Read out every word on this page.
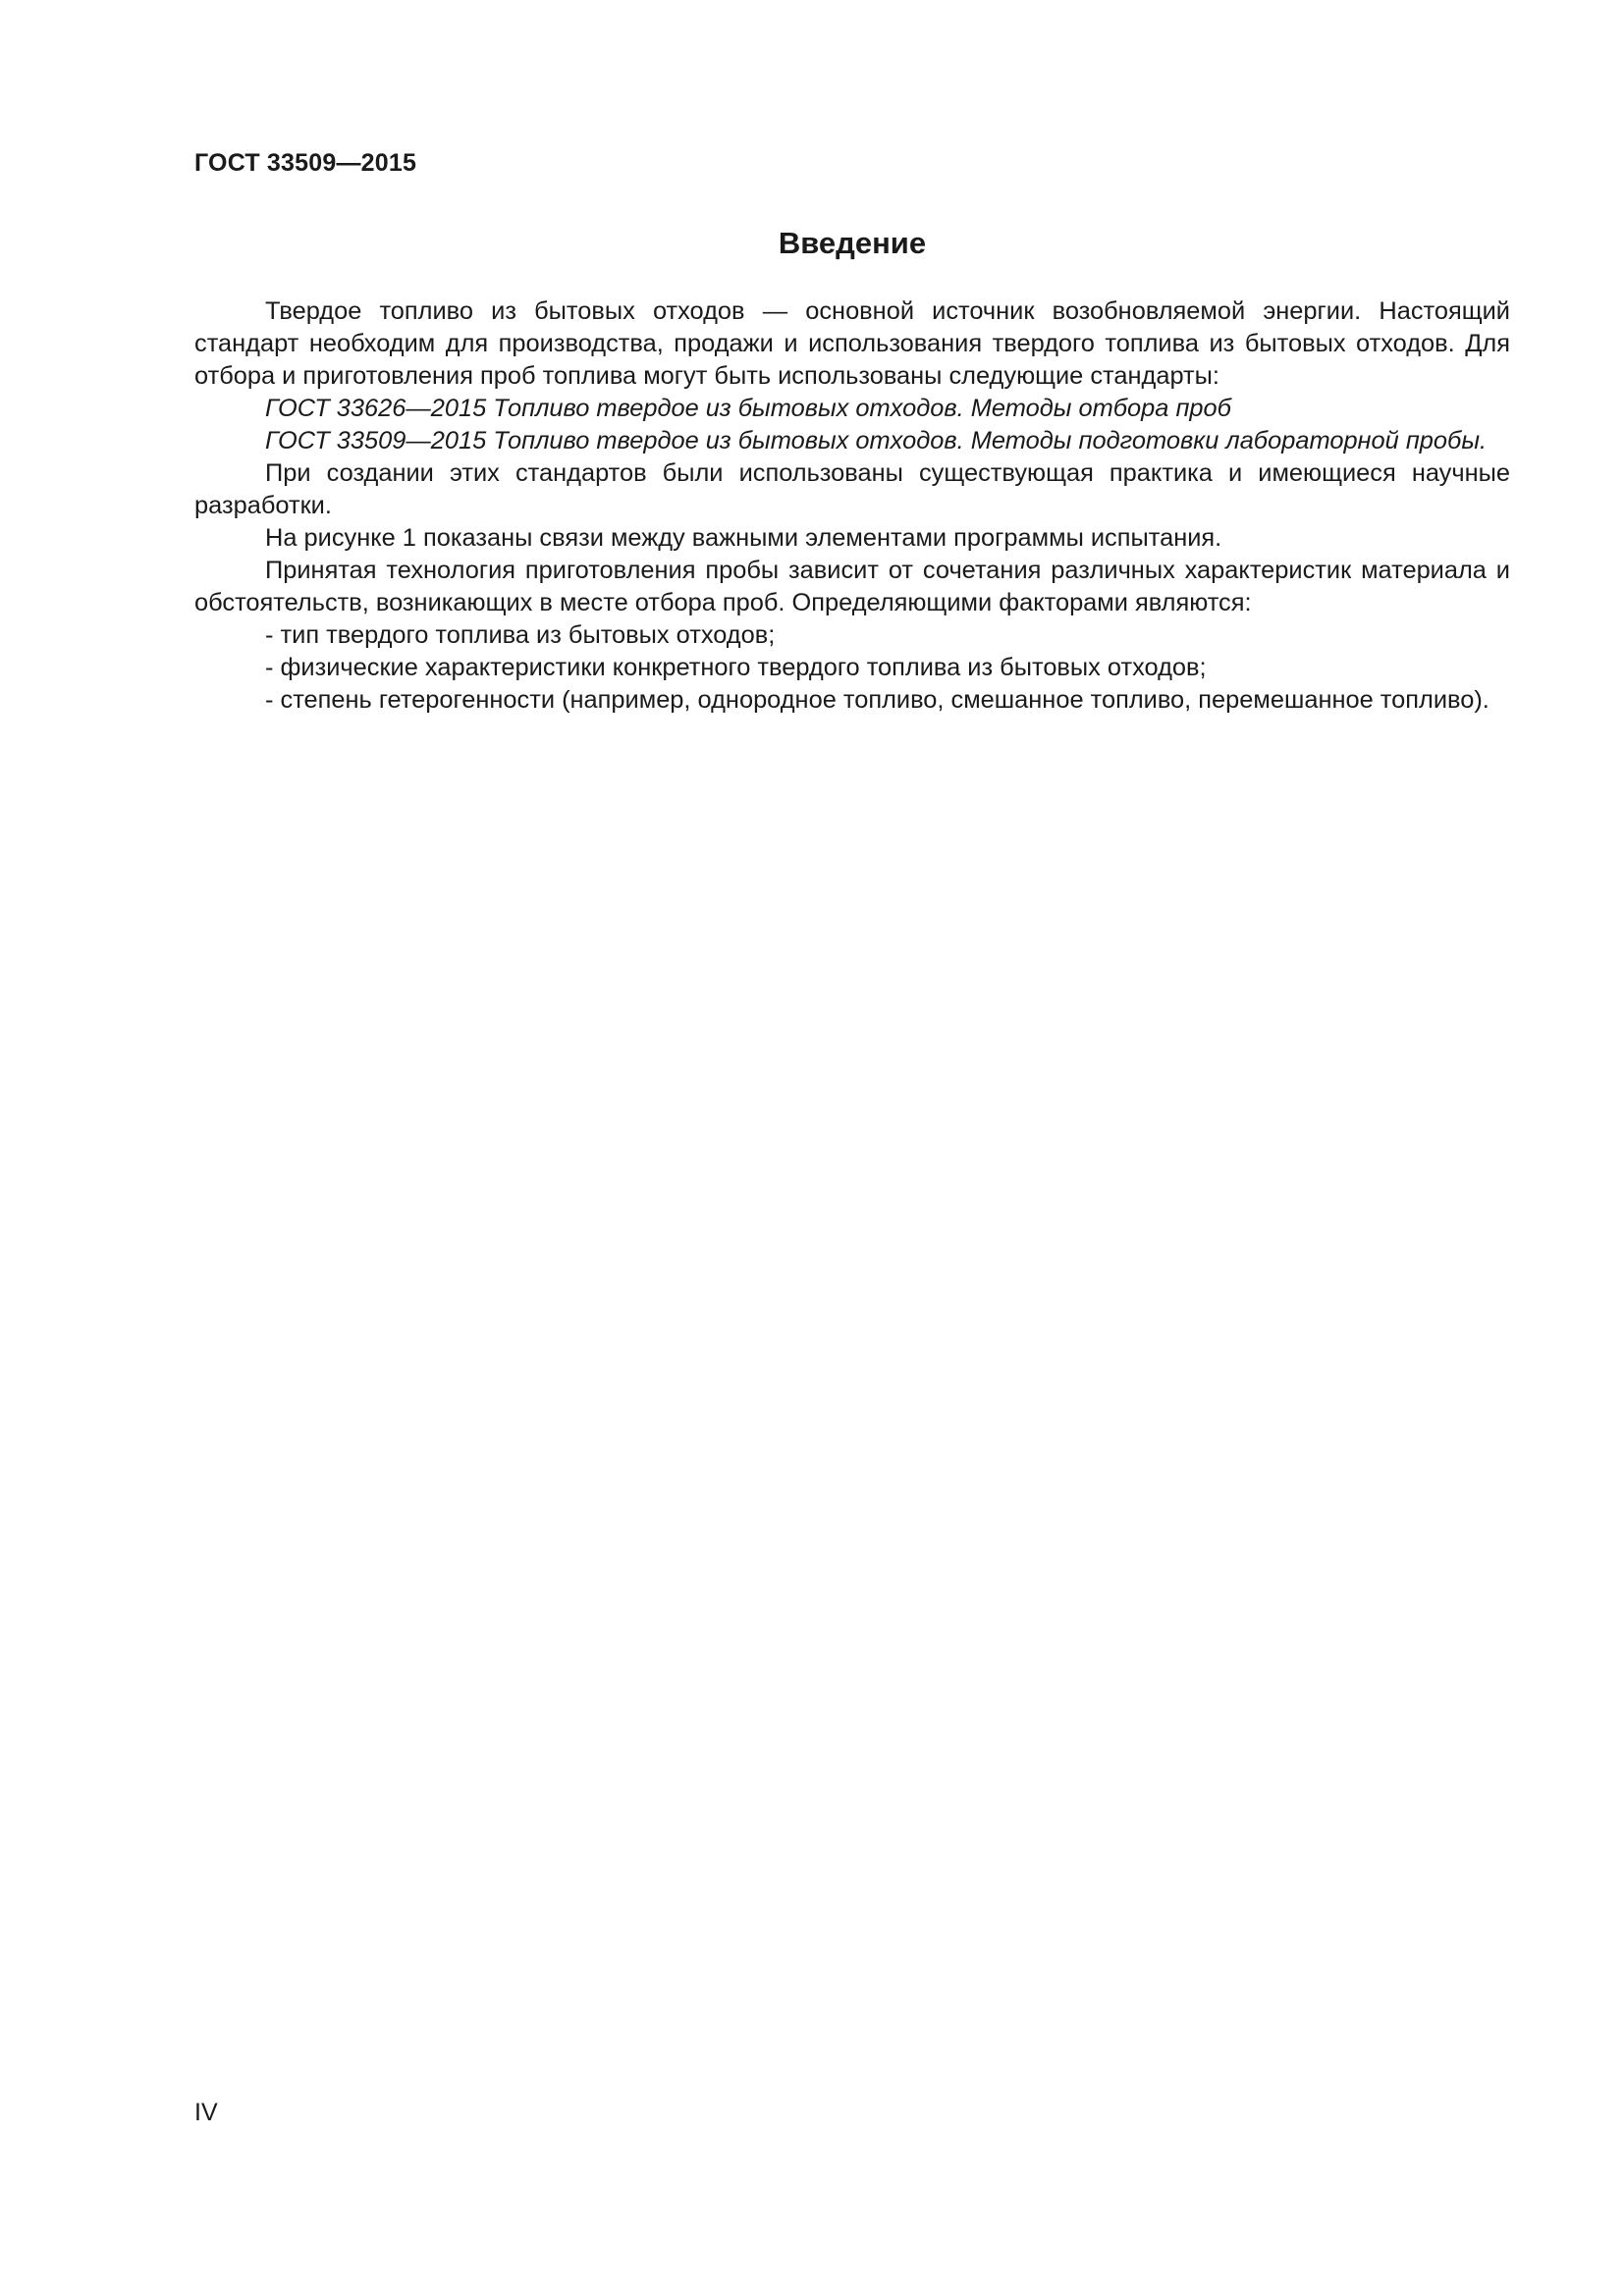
ГОСТ 33509—2015
Введение

Твердое топливо из бытовых отходов — основной источник возобновляемой энергии. Настоящий стандарт необходим для производства, продажи и использования твердого топлива из бытовых отходов. Для отбора и приготовления проб топлива могут быть использованы следующие стандарты:

ГОСТ 33626—2015 Топливо твердое из бытовых отходов. Методы отбора проб

ГОСТ 33509—2015 Топливо твердое из бытовых отходов. Методы подготовки лабораторной пробы.

При создании этих стандартов были использованы существующая практика и имеющиеся научные разработки.

На рисунке 1 показаны связи между важными элементами программы испытания.

Принятая технология приготовления пробы зависит от сочетания различных характеристик материала и обстоятельств, возникающих в месте отбора проб. Определяющими факторами являются:

- тип твердого топлива из бытовых отходов;

- физические характеристики конкретного твердого топлива из бытовых отходов;

- степень гетерогенности (например, однородное топливо, смешанное топливо, перемешанное топливо).

IV
